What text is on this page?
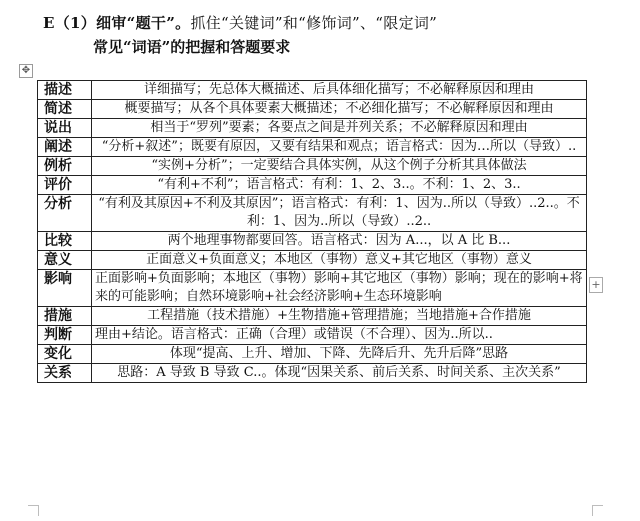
E（1）细审“题干”。抓住“关键词”和“修饰词”、“限定词”
常见“词语”的把握和答题要求
✥
描述	详细描写；先总体大概描述、后具体细化描写；不必解释原因和理由
简述	概要描写；从各个具体要素大概描述；不必细化描写；不必解释原因和理由
说出	相当于“罗列”要素；各要点之间是并列关系；不必解释原因和理由
阐述	“分析+叙述”；既要有原因，又要有结果和观点；语言格式：因为…所以（导致）..
例析	“实例+分析”；一定要结合具体实例，从这个例子分析其具体做法
评价	“有利+不利”；语言格式：有利：1、2、3..。不利：1、2、3..
分析	“有利及其原因+不利及其原因”；语言格式：有利：1、因为..所以（导致）..2..。不利：1、因为..所以（导致）..2..
比较	两个地理事物都要回答。语言格式：因为 A...，以 A 比 B...
意义	正面意义+负面意义；本地区（事物）意义+其它地区（事物）意义
影响	正面影响+负面影响；本地区（事物）影响+其它地区（事物）影响；现在的影响+将来的可能影响；自然环境影响+社会经济影响+生态环境影响
措施	工程措施（技术措施）+生物措施+管理措施；当地措施+合作措施
判断	理由+结论。语言格式：正确（合理）或错误（不合理）、因为..所以..
变化	体现“提高、上升、增加、下降、先降后升、先升后降”思路
关系	思路：A 导致 B 导致 C..。体现“因果关系、前后关系、时间关系、主次关系”
+
